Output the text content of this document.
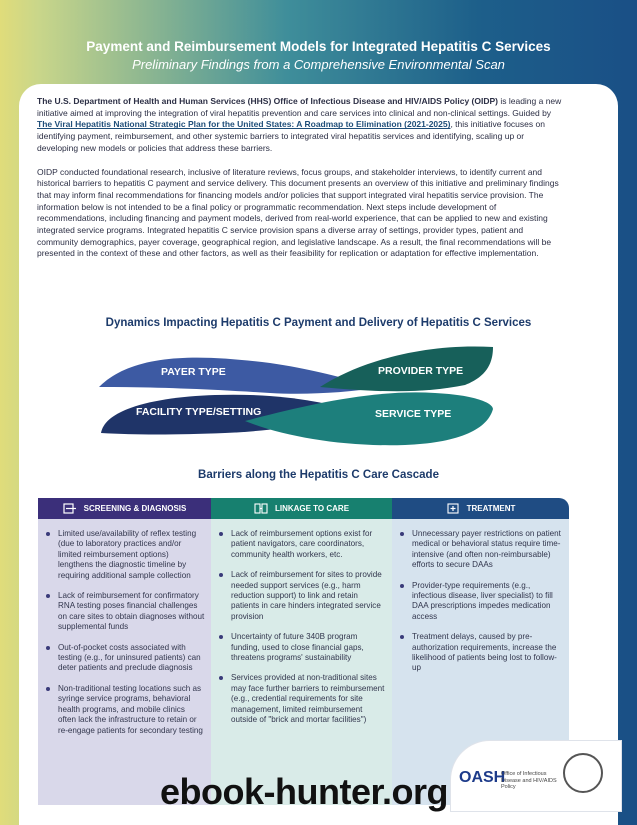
Payment and Reimbursement Models for Integrated Hepatitis C Services
Preliminary Findings from a Comprehensive Environmental Scan

The U.S. Department of Health and Human Services (HHS) Office of Infectious Disease and HIV/AIDS Policy (OIDP) is leading a new initiative aimed at improving the integration of viral hepatitis prevention and care services into clinical and non-clinical settings. Guided by The Viral Hepatitis National Strategic Plan for the United States: A Roadmap to Elimination (2021-2025), this initiative focuses on identifying payment, reimbursement, and other systemic barriers to integrated viral hepatitis services and identifying, scaling up or developing new models or policies that address these barriers.

OIDP conducted foundational research, inclusive of literature reviews, focus groups, and stakeholder interviews, to identify current and historical barriers to hepatitis C payment and service delivery. This document presents an overview of this initiative and preliminary findings that may inform final recommendations for financing models and/or policies that support integrated viral hepatitis service provision. The information below is not intended to be a final policy or programmatic recommendation. Next steps include development of recommendations, including financing and payment models, derived from real-world experience, that can be applied to new and existing integrated service programs. Integrated hepatitis C service provision spans a diverse array of settings, provider types, patient and community demographics, payer coverage, geographical region, and legislative landscape. As a result, the final recommendations will be presented in the context of these and other factors, as well as their feasibility for replication or adaptation for effective implementation.

Dynamics Impacting Hepatitis C Payment and Delivery of Hepatitis C Services
PAYER TYPE	PROVIDER TYPE
FACILITY TYPE/SETTING	SERVICE TYPE
Barriers along the Hepatitis C Care Cascade
SCREENING & DIAGNOSIS
Limited use/availability of reflex testing (due to laboratory practices and/or limited reimbursement options) lengthens the diagnostic timeline by requiring additional sample collection
Lack of reimbursement for confirmatory RNA testing poses financial challenges on care sites to obtain diagnoses without supplemental funds
Out-of-pocket costs associated with testing (e.g., for uninsured patients) can deter patients and preclude diagnosis
Non-traditional testing locations such as syringe service programs, behavioral health programs, and mobile clinics often lack the infrastructure to retain or re-engage patients for secondary testing
LINKAGE TO CARE
Lack of reimbursement options exist for patient navigators, care coordinators, community health workers, etc.
Lack of reimbursement for sites to provide needed support services (e.g., harm reduction support) to link and retain patients in care hinders integrated service provision
Uncertainty of future 340B program funding, used to close financial gaps, threatens programs' sustainability
Services provided at non-traditional sites may face further barriers to reimbursement (e.g., credential requirements for site management, limited reimbursement outside of "brick and mortar facilities")
TREATMENT
Unnecessary payer restrictions on patient medical or behavioral status require time-intensive (and often non-reimbursable) efforts to secure DAAs
Provider-type requirements (e.g., infectious disease, liver specialist) to fill DAA prescriptions impedes medication access
Treatment delays, caused by pre-authorization requirements, increase the likelihood of patients being lost to follow-up
OASH
Office of Infectious Disease and HIV/AIDS Policy
ebook-hunter.org
